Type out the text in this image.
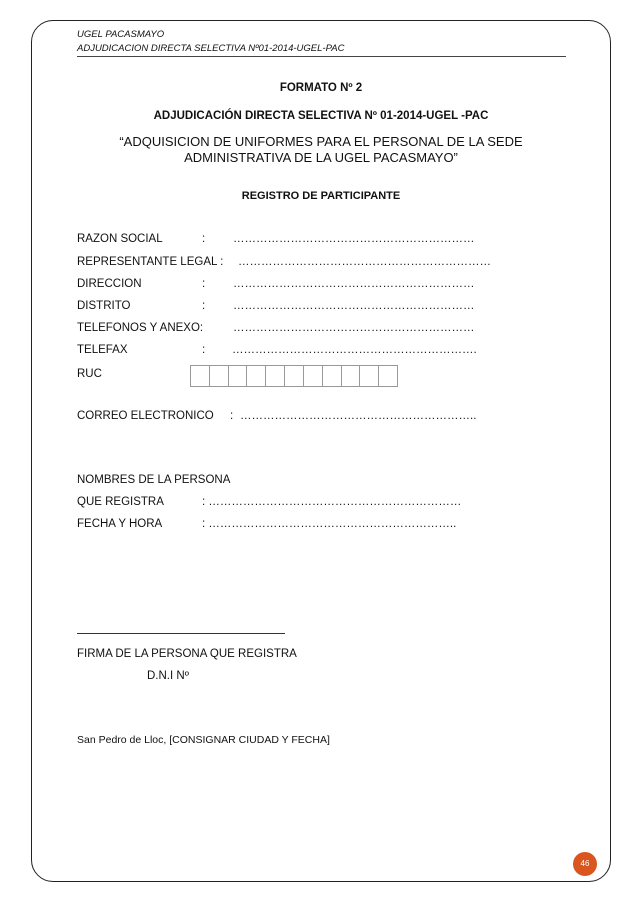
UGEL PACASMAYO
ADJUDICACION DIRECTA SELECTIVA Nº01-2014-UGEL-PAC
FORMATO Nº 2
ADJUDICACIÓN DIRECTA SELECTIVA Nº 01-2014-UGEL -PAC
“ADQUISICION DE UNIFORMES PARA EL PERSONAL DE LA SEDE
ADMINISTRATIVA DE LA UGEL PACASMAYO”
REGISTRO DE PARTICIPANTE
RAZON SOCIAL	: ………………………………………………………
REPRESENTANTE LEGAL : …………………………………………………………
DIRECCION	: ………………………………………………………
DISTRITO	: ………………………………………………………
TELEFONOS Y ANEXO:	………………………………………………………
TELEFAX	: ……………………………………………………….
RUC
CORREO ELECTRONICO : ……………………………………………………..
NOMBRES DE LA PERSONA
QUE REGISTRA	: …………………………………………………………
FECHA Y HORA	: ………………………………………………………..
FIRMA DE LA PERSONA QUE REGISTRA
D.N.I Nº
San Pedro de Lloc, [CONSIGNAR CIUDAD Y FECHA]
46
